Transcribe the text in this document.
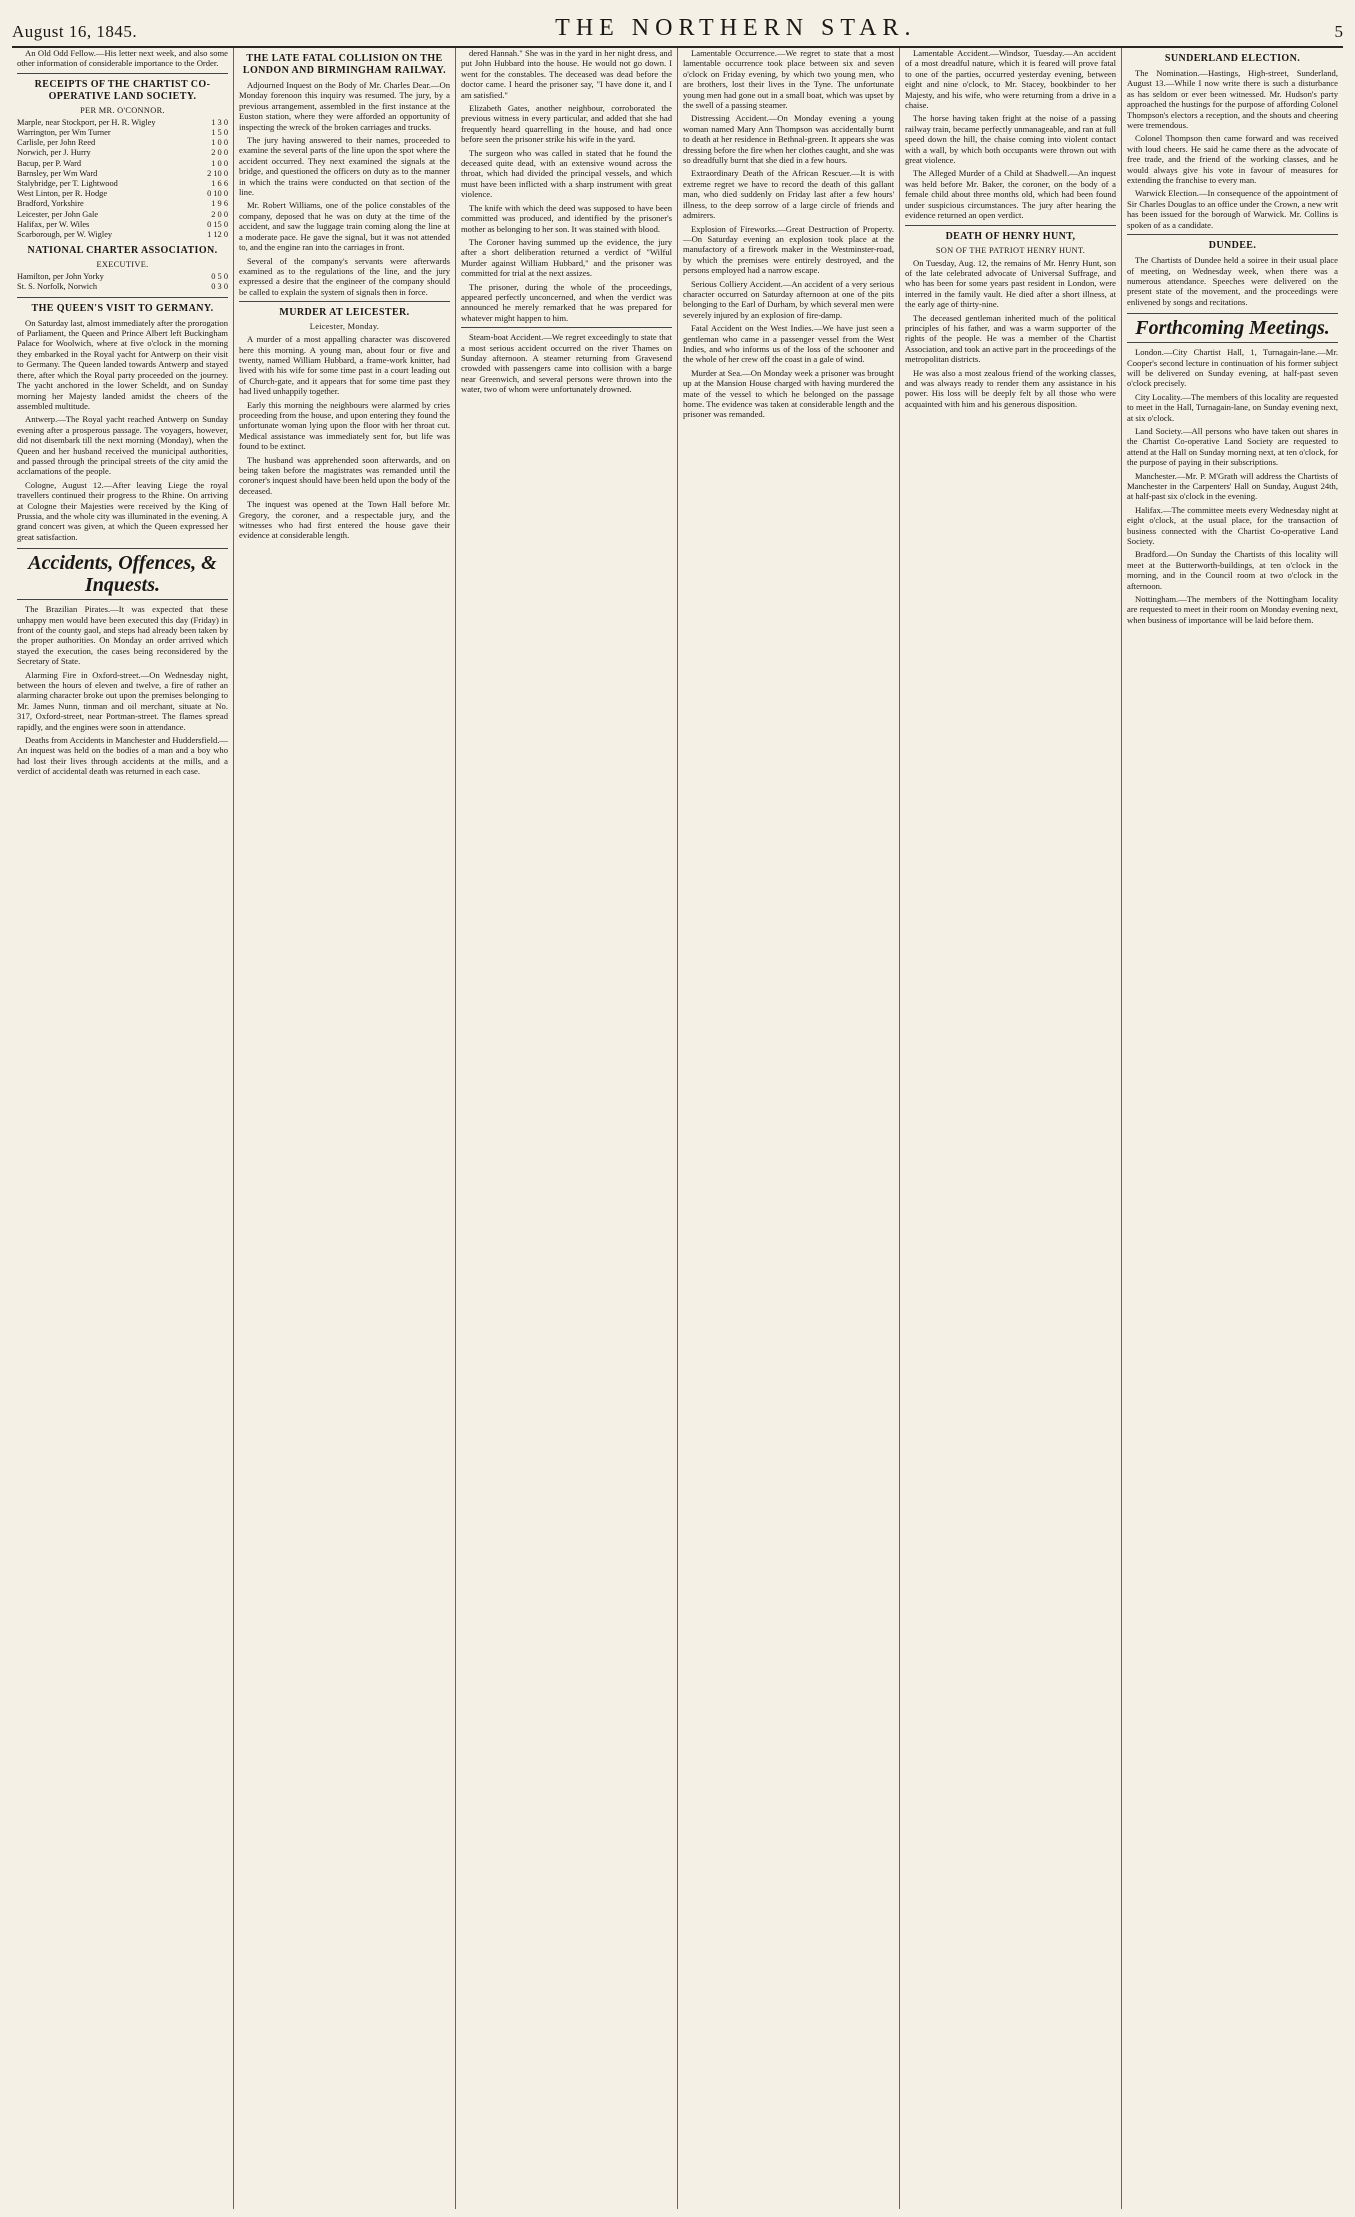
August 16, 1845.	THE NORTHERN STAR.	5

An Old Odd Fellow.—His letter next week, and also some other information of considerable importance to the Order.

RECEIPTS OF THE CHARTIST CO-OPERATIVE LAND SOCIETY.
PER MR. O'CONNOR.
Marple, near Stockport, per H. R. Wigley	1 3 0
Warrington, per Wm Turner	1 5 0
Carlisle, per John Reed	1 0 0
Norwich, per J. Hurry	2 0 0
Bacup, per P. Ward	1 0 0
Barnsley, per Wm Ward	2 10 0
Stalybridge, per T. Lightwood	1 6 6
West Linton, per R. Hodge	0 10 0
Bradford, Yorkshire	1 9 6
Leicester, per John Gale	2 0 0
Halifax, per W. Wiles	0 15 0
Scarborough, per W. Wigley	1 12 0
NATIONAL CHARTER ASSOCIATION.
EXECUTIVE.
Hamilton, per John Yorky	0 5 0
St. S. Norfolk, Norwich	0 3 0
THE QUEEN'S VISIT TO GERMANY.

On Saturday last, almost immediately after the prorogation of Parliament, the Queen and Prince Albert left Buckingham Palace for Woolwich, where at five o'clock in the morning they embarked in the Royal yacht for Antwerp on their visit to Germany. The Queen landed towards Antwerp and stayed there, after which the Royal party proceeded on the journey. The yacht anchored in the lower Scheldt, and on Sunday morning her Majesty landed amidst the cheers of the assembled multitude.

Antwerp.—The Royal yacht reached Antwerp on Sunday evening after a prosperous passage. The voyagers, however, did not disembark till the next morning (Monday), when the Queen and her husband received the municipal authorities, and passed through the principal streets of the city amid the acclamations of the people.

Cologne, August 12.—After leaving Liege the royal travellers continued their progress to the Rhine. On arriving at Cologne their Majesties were received by the King of Prussia, and the whole city was illuminated in the evening. A grand concert was given, at which the Queen expressed her great satisfaction.

Accidents, Offences, & Inquests.

The Brazilian Pirates.—It was expected that these unhappy men would have been executed this day (Friday) in front of the county gaol, and steps had already been taken by the proper authorities. On Monday an order arrived which stayed the execution, the cases being reconsidered by the Secretary of State.

Alarming Fire in Oxford-street.—On Wednesday night, between the hours of eleven and twelve, a fire of rather an alarming character broke out upon the premises belonging to Mr. James Nunn, tinman and oil merchant, situate at No. 317, Oxford-street, near Portman-street. The flames spread rapidly, and the engines were soon in attendance.

Deaths from Accidents in Manchester and Huddersfield.—An inquest was held on the bodies of a man and a boy who had lost their lives through accidents at the mills, and a verdict of accidental death was returned in each case.

THE LATE FATAL COLLISION ON THE LONDON AND BIRMINGHAM RAILWAY.

Adjourned Inquest on the Body of Mr. Charles Dear.—On Monday forenoon this inquiry was resumed. The jury, by a previous arrangement, assembled in the first instance at the Euston station, where they were afforded an opportunity of inspecting the wreck of the broken carriages and trucks.

The jury having answered to their names, proceeded to examine the several parts of the line upon the spot where the accident occurred. They next examined the signals at the bridge, and questioned the officers on duty as to the manner in which the trains were conducted on that section of the line.

Mr. Robert Williams, one of the police constables of the company, deposed that he was on duty at the time of the accident, and saw the luggage train coming along the line at a moderate pace. He gave the signal, but it was not attended to, and the engine ran into the carriages in front.

Several of the company's servants were afterwards examined as to the regulations of the line, and the jury expressed a desire that the engineer of the company should be called to explain the system of signals then in force.

MURDER AT LEICESTER.
Leicester, Monday.

A murder of a most appalling character was discovered here this morning. A young man, about four or five and twenty, named William Hubbard, a frame-work knitter, had lived with his wife for some time past in a court leading out of Church-gate, and it appears that for some time past they had lived unhappily together.

Early this morning the neighbours were alarmed by cries proceeding from the house, and upon entering they found the unfortunate woman lying upon the floor with her throat cut. Medical assistance was immediately sent for, but life was found to be extinct.

The husband was apprehended soon afterwards, and on being taken before the magistrates was remanded until the coroner's inquest should have been held upon the body of the deceased.

The inquest was opened at the Town Hall before Mr. Gregory, the coroner, and a respectable jury, and the witnesses who had first entered the house gave their evidence at considerable length.

dered Hannah." She was in the yard in her night dress, and put John Hubbard into the house. He would not go down. I went for the constables. The deceased was dead before the doctor came. I heard the prisoner say, "I have done it, and I am satisfied."

Elizabeth Gates, another neighbour, corroborated the previous witness in every particular, and added that she had frequently heard quarrelling in the house, and had once before seen the prisoner strike his wife in the yard.

The surgeon who was called in stated that he found the deceased quite dead, with an extensive wound across the throat, which had divided the principal vessels, and which must have been inflicted with a sharp instrument with great violence.

The knife with which the deed was supposed to have been committed was produced, and identified by the prisoner's mother as belonging to her son. It was stained with blood.

The Coroner having summed up the evidence, the jury after a short deliberation returned a verdict of "Wilful Murder against William Hubbard," and the prisoner was committed for trial at the next assizes.

The prisoner, during the whole of the proceedings, appeared perfectly unconcerned, and when the verdict was announced he merely remarked that he was prepared for whatever might happen to him.

Steam-boat Accident.—We regret exceedingly to state that a most serious accident occurred on the river Thames on Sunday afternoon. A steamer returning from Gravesend crowded with passengers came into collision with a barge near Greenwich, and several persons were thrown into the water, two of whom were unfortunately drowned.

Lamentable Occurrence.—We regret to state that a most lamentable occurrence took place between six and seven o'clock on Friday evening, by which two young men, who are brothers, lost their lives in the Tyne. The unfortunate young men had gone out in a small boat, which was upset by the swell of a passing steamer.

Distressing Accident.—On Monday evening a young woman named Mary Ann Thompson was accidentally burnt to death at her residence in Bethnal-green. It appears she was dressing before the fire when her clothes caught, and she was so dreadfully burnt that she died in a few hours.

Extraordinary Death of the African Rescuer.—It is with extreme regret we have to record the death of this gallant man, who died suddenly on Friday last after a few hours' illness, to the deep sorrow of a large circle of friends and admirers.

Explosion of Fireworks.—Great Destruction of Property.—On Saturday evening an explosion took place at the manufactory of a firework maker in the Westminster-road, by which the premises were entirely destroyed, and the persons employed had a narrow escape.

Serious Colliery Accident.—An accident of a very serious character occurred on Saturday afternoon at one of the pits belonging to the Earl of Durham, by which several men were severely injured by an explosion of fire-damp.

Fatal Accident on the West Indies.—We have just seen a gentleman who came in a passenger vessel from the West Indies, and who informs us of the loss of the schooner and the whole of her crew off the coast in a gale of wind.

Murder at Sea.—On Monday week a prisoner was brought up at the Mansion House charged with having murdered the mate of the vessel to which he belonged on the passage home. The evidence was taken at considerable length and the prisoner was remanded.

Lamentable Accident.—Windsor, Tuesday.—An accident of a most dreadful nature, which it is feared will prove fatal to one of the parties, occurred yesterday evening, between eight and nine o'clock, to Mr. Stacey, bookbinder to her Majesty, and his wife, who were returning from a drive in a chaise.

The horse having taken fright at the noise of a passing railway train, became perfectly unmanageable, and ran at full speed down the hill, the chaise coming into violent contact with a wall, by which both occupants were thrown out with great violence.

The Alleged Murder of a Child at Shadwell.—An inquest was held before Mr. Baker, the coroner, on the body of a female child about three months old, which had been found under suspicious circumstances. The jury after hearing the evidence returned an open verdict.

DEATH OF HENRY HUNT,
SON OF THE PATRIOT HENRY HUNT.

On Tuesday, Aug. 12, the remains of Mr. Henry Hunt, son of the late celebrated advocate of Universal Suffrage, and who has been for some years past resident in London, were interred in the family vault. He died after a short illness, at the early age of thirty-nine.

The deceased gentleman inherited much of the political principles of his father, and was a warm supporter of the rights of the people. He was a member of the Chartist Association, and took an active part in the proceedings of the metropolitan districts.

He was also a most zealous friend of the working classes, and was always ready to render them any assistance in his power. His loss will be deeply felt by all those who were acquainted with him and his generous disposition.

SUNDERLAND ELECTION.

The Nomination.—Hastings, High-street, Sunderland, August 13.—While I now write there is such a disturbance as has seldom or ever been witnessed. Mr. Hudson's party approached the hustings for the purpose of affording Colonel Thompson's electors a reception, and the shouts and cheering were tremendous.

Colonel Thompson then came forward and was received with loud cheers. He said he came there as the advocate of free trade, and the friend of the working classes, and he would always give his vote in favour of measures for extending the franchise to every man.

Warwick Election.—In consequence of the appointment of Sir Charles Douglas to an office under the Crown, a new writ has been issued for the borough of Warwick. Mr. Collins is spoken of as a candidate.

DUNDEE.

The Chartists of Dundee held a soiree in their usual place of meeting, on Wednesday week, when there was a numerous attendance. Speeches were delivered on the present state of the movement, and the proceedings were enlivened by songs and recitations.

Forthcoming Meetings.

London.—City Chartist Hall, 1, Turnagain-lane.—Mr. Cooper's second lecture in continuation of his former subject will be delivered on Sunday evening, at half-past seven o'clock precisely.

City Locality.—The members of this locality are requested to meet in the Hall, Turnagain-lane, on Sunday evening next, at six o'clock.

Land Society.—All persons who have taken out shares in the Chartist Co-operative Land Society are requested to attend at the Hall on Sunday morning next, at ten o'clock, for the purpose of paying in their subscriptions.

Manchester.—Mr. P. M'Grath will address the Chartists of Manchester in the Carpenters' Hall on Sunday, August 24th, at half-past six o'clock in the evening.

Halifax.—The committee meets every Wednesday night at eight o'clock, at the usual place, for the transaction of business connected with the Chartist Co-operative Land Society.

Bradford.—On Sunday the Chartists of this locality will meet at the Butterworth-buildings, at ten o'clock in the morning, and in the Council room at two o'clock in the afternoon.

Nottingham.—The members of the Nottingham locality are requested to meet in their room on Monday evening next, when business of importance will be laid before them.
